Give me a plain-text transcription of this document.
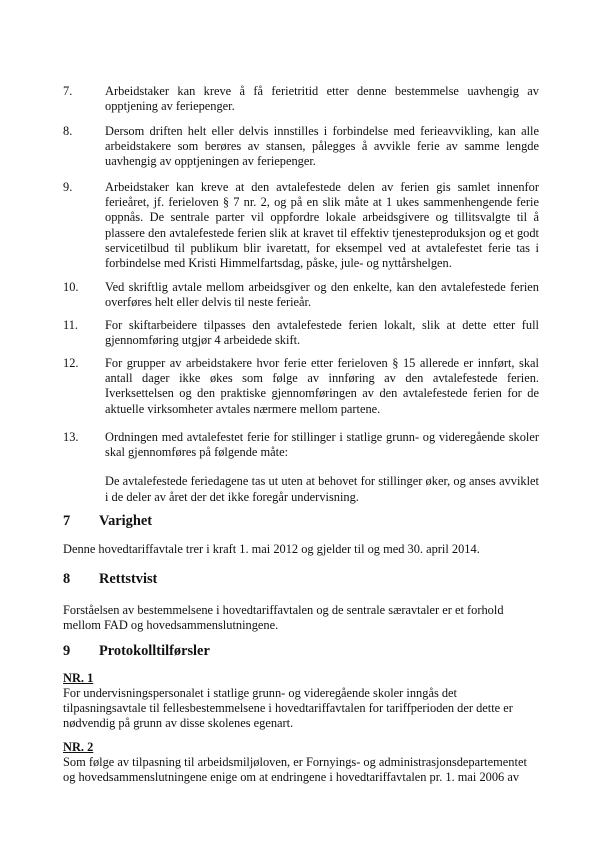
7.	Arbeidstaker kan kreve å få ferietritid etter denne bestemmelse uavhengig av opptjening av feriepenger.

8.	Dersom driften helt eller delvis innstilles i forbindelse med ferieavvikling, kan alle arbeidstakere som berøres av stansen, pålegges å avvikle ferie av samme lengde uavhengig av opptjeningen av feriepenger.

9.	Arbeidstaker kan kreve at den avtalefestede delen av ferien gis samlet innenfor ferieåret, jf. ferieloven § 7 nr. 2, og på en slik måte at 1 ukes sammenhengende ferie oppnås. De sentrale parter vil oppfordre lokale arbeidsgivere og tillitsvalgte til å plassere den avtalefestede ferien slik at kravet til effektiv tjenesteproduksjon og et godt servicetilbud til publikum blir ivaretatt, for eksempel ved at avtalefestet ferie tas i forbindelse med Kristi Himmelfartsdag, påske, jule- og nyttårshelgen.

10.	Ved skriftlig avtale mellom arbeidsgiver og den enkelte, kan den avtalefestede ferien overføres helt eller delvis til neste ferieår.

11.	For skiftarbeidere tilpasses den avtalefestede ferien lokalt, slik at dette etter full gjennomføring utgjør 4 arbeidede skift.

12.	For grupper av arbeidstakere hvor ferie etter ferieloven § 15 allerede er innført, skal antall dager ikke økes som følge av innføring av den avtalefestede ferien. Iverksettelsen og den praktiske gjennomføringen av den avtalefestede ferien for de aktuelle virksomheter avtales nærmere mellom partene.

13.	Ordningen med avtalefestet ferie for stillinger i statlige grunn- og videregående skoler skal gjennomføres på følgende måte:

De avtalefestede feriedagene tas ut uten at behovet for stillinger øker, og anses avviklet i de deler av året der det ikke foregår undervisning.

7 Varighet
Denne hovedtariffavtale trer i kraft 1. mai 2012 og gjelder til og med 30. april 2014.
8 Rettstvist
Forståelsen av bestemmelsene i hovedtariffavtalen og de sentrale særavtaler er et forhold mellom FAD og hovedsammenslutningene.
9 Protokolltilførsler
NR. 1
For undervisningspersonalet i statlige grunn- og videregående skoler inngås det tilpasningsavtale til fellesbestemmelsene i hovedtariffavtalen for tariffperioden der dette er nødvendig på grunn av disse skolenes egenart.
NR. 2
Som følge av tilpasning til arbeidsmiljøloven, er Fornyings- og administrasjonsdepartementet og hovedsammenslutningene enige om at endringene i hovedtariffavtalen pr. 1. mai 2006 av
